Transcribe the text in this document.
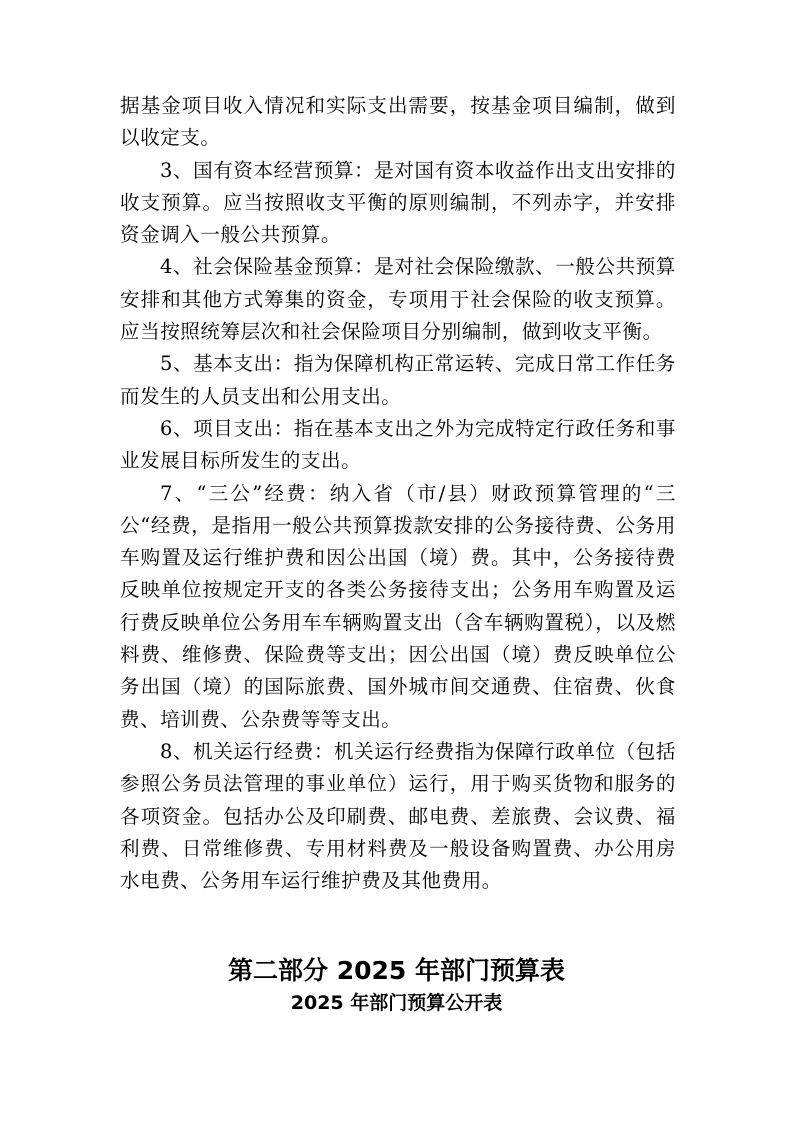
据基金项目收入情况和实际支出需要，按基金项目编制，做到以收定支。

3、国有资本经营预算：是对国有资本收益作出支出安排的收支预算。应当按照收支平衡的原则编制，不列赤字，并安排资金调入一般公共预算。

4、社会保险基金预算：是对社会保险缴款、一般公共预算安排和其他方式筹集的资金，专项用于社会保险的收支预算。应当按照统筹层次和社会保险项目分别编制，做到收支平衡。

5、基本支出：指为保障机构正常运转、完成日常工作任务而发生的人员支出和公用支出。

6、项目支出：指在基本支出之外为完成特定行政任务和事业发展目标所发生的支出。

7、“三公”经费：纳入省（市/县）财政预算管理的“三公“经费，是指用一般公共预算拨款安排的公务接待费、公务用车购置及运行维护费和因公出国（境）费。其中，公务接待费反映单位按规定开支的各类公务接待支出；公务用车购置及运行费反映单位公务用车车辆购置支出（含车辆购置税），以及燃料费、维修费、保险费等支出；因公出国（境）费反映单位公务出国（境）的国际旅费、国外城市间交通费、住宿费、伙食费、培训费、公杂费等等支出。

8、机关运行经费：机关运行经费指为保障行政单位（包括参照公务员法管理的事业单位）运行，用于购买货物和服务的各项资金。包括办公及印刷费、邮电费、差旅费、会议费、福利费、日常维修费、专用材料费及一般设备购置费、办公用房水电费、公务用车运行维护费及其他费用。

第二部分 2025 年部门预算表
2025 年部门预算公开表
